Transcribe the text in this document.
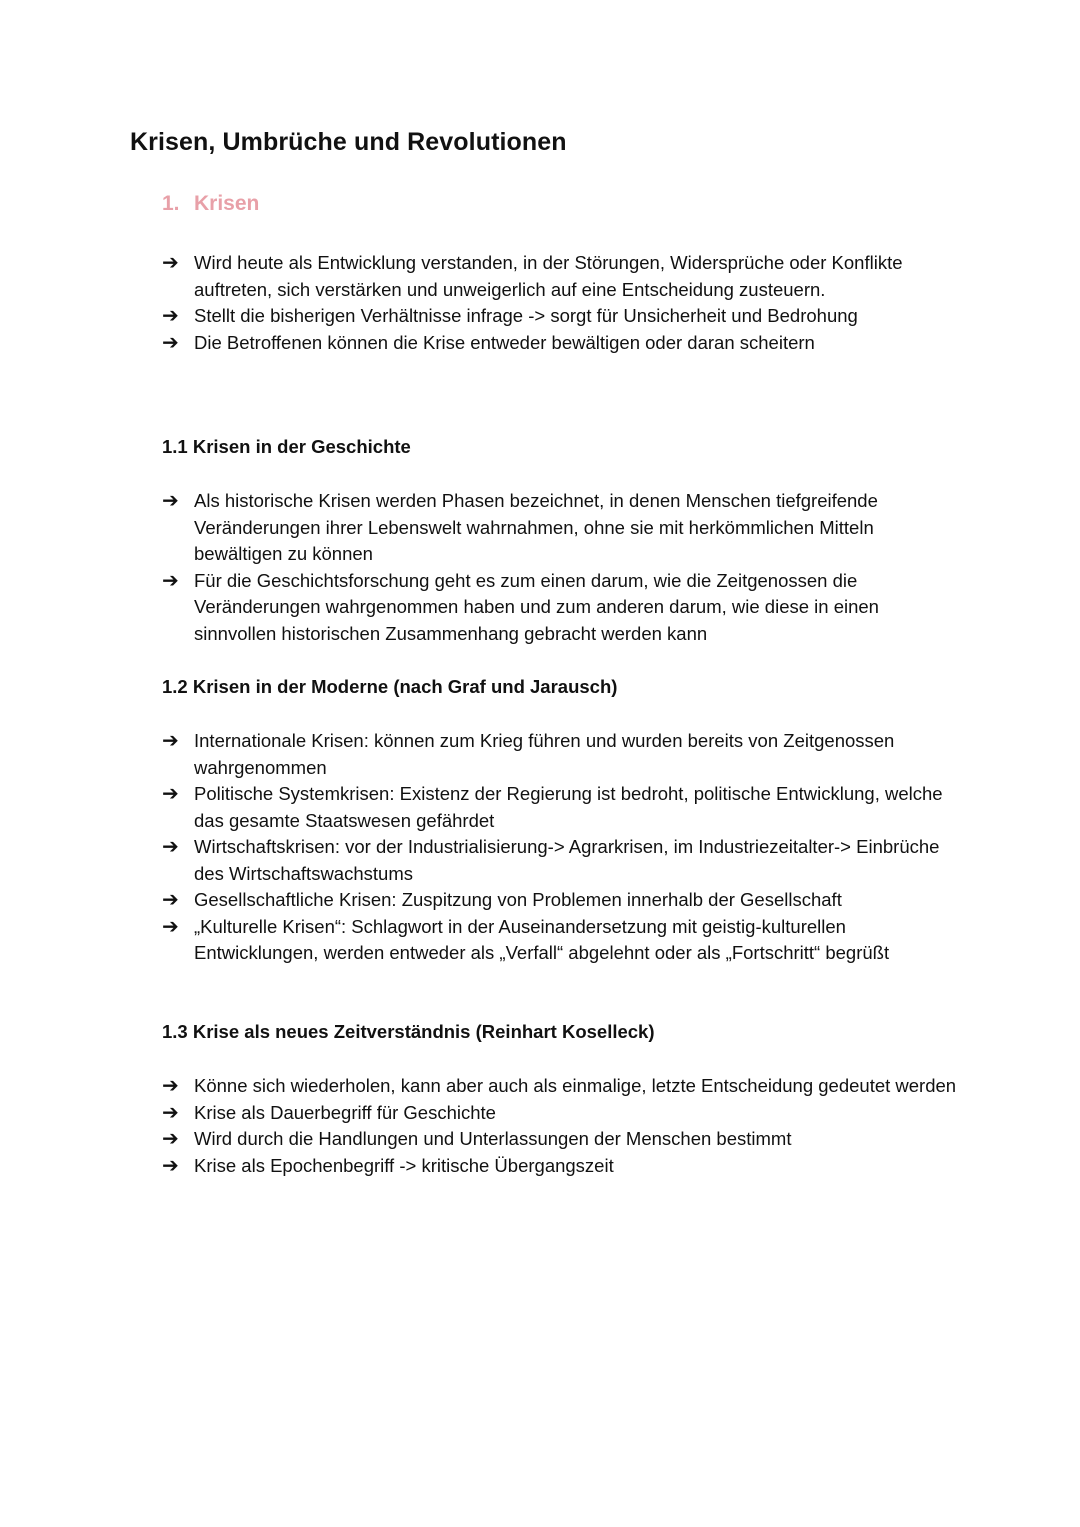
Krisen, Umbrüche und Revolutionen
1. Krisen
➔ Wird heute als Entwicklung verstanden, in der Störungen, Widersprüche oder Konflikte auftreten, sich verstärken und unweigerlich auf eine Entscheidung zusteuern.
➔ Stellt die bisherigen Verhältnisse infrage -> sorgt für Unsicherheit und Bedrohung
➔ Die Betroffenen können die Krise entweder bewältigen oder daran scheitern
1.1 Krisen in der Geschichte
➔ Als historische Krisen werden Phasen bezeichnet, in denen Menschen tiefgreifende Veränderungen ihrer Lebenswelt wahrnahmen, ohne sie mit herkömmlichen Mitteln bewältigen zu können
➔ Für die Geschichtsforschung geht es zum einen darum, wie die Zeitgenossen die Veränderungen wahrgenommen haben und zum anderen darum, wie diese in einen sinnvollen historischen Zusammenhang gebracht werden kann
1.2 Krisen in der Moderne (nach Graf und Jarausch)
➔ Internationale Krisen: können zum Krieg führen und wurden bereits von Zeitgenossen wahrgenommen
➔ Politische Systemkrisen: Existenz der Regierung ist bedroht, politische Entwicklung, welche das gesamte Staatswesen gefährdet
➔ Wirtschaftskrisen: vor der Industrialisierung-> Agrarkrisen, im Industriezeitalter-> Einbrüche des Wirtschaftswachstums
➔ Gesellschaftliche Krisen: Zuspitzung von Problemen innerhalb der Gesellschaft
➔ „Kulturelle Krisen“: Schlagwort in der Auseinandersetzung mit geistig-kulturellen Entwicklungen, werden entweder als „Verfall“ abgelehnt oder als „Fortschritt“ begrüßt
1.3 Krise als neues Zeitverständnis (Reinhart Koselleck)
➔ Könne sich wiederholen, kann aber auch als einmalige, letzte Entscheidung gedeutet werden
➔ Krise als Dauerbegriff für Geschichte
➔ Wird durch die Handlungen und Unterlassungen der Menschen bestimmt
➔ Krise als Epochenbegriff -> kritische Übergangszeit
